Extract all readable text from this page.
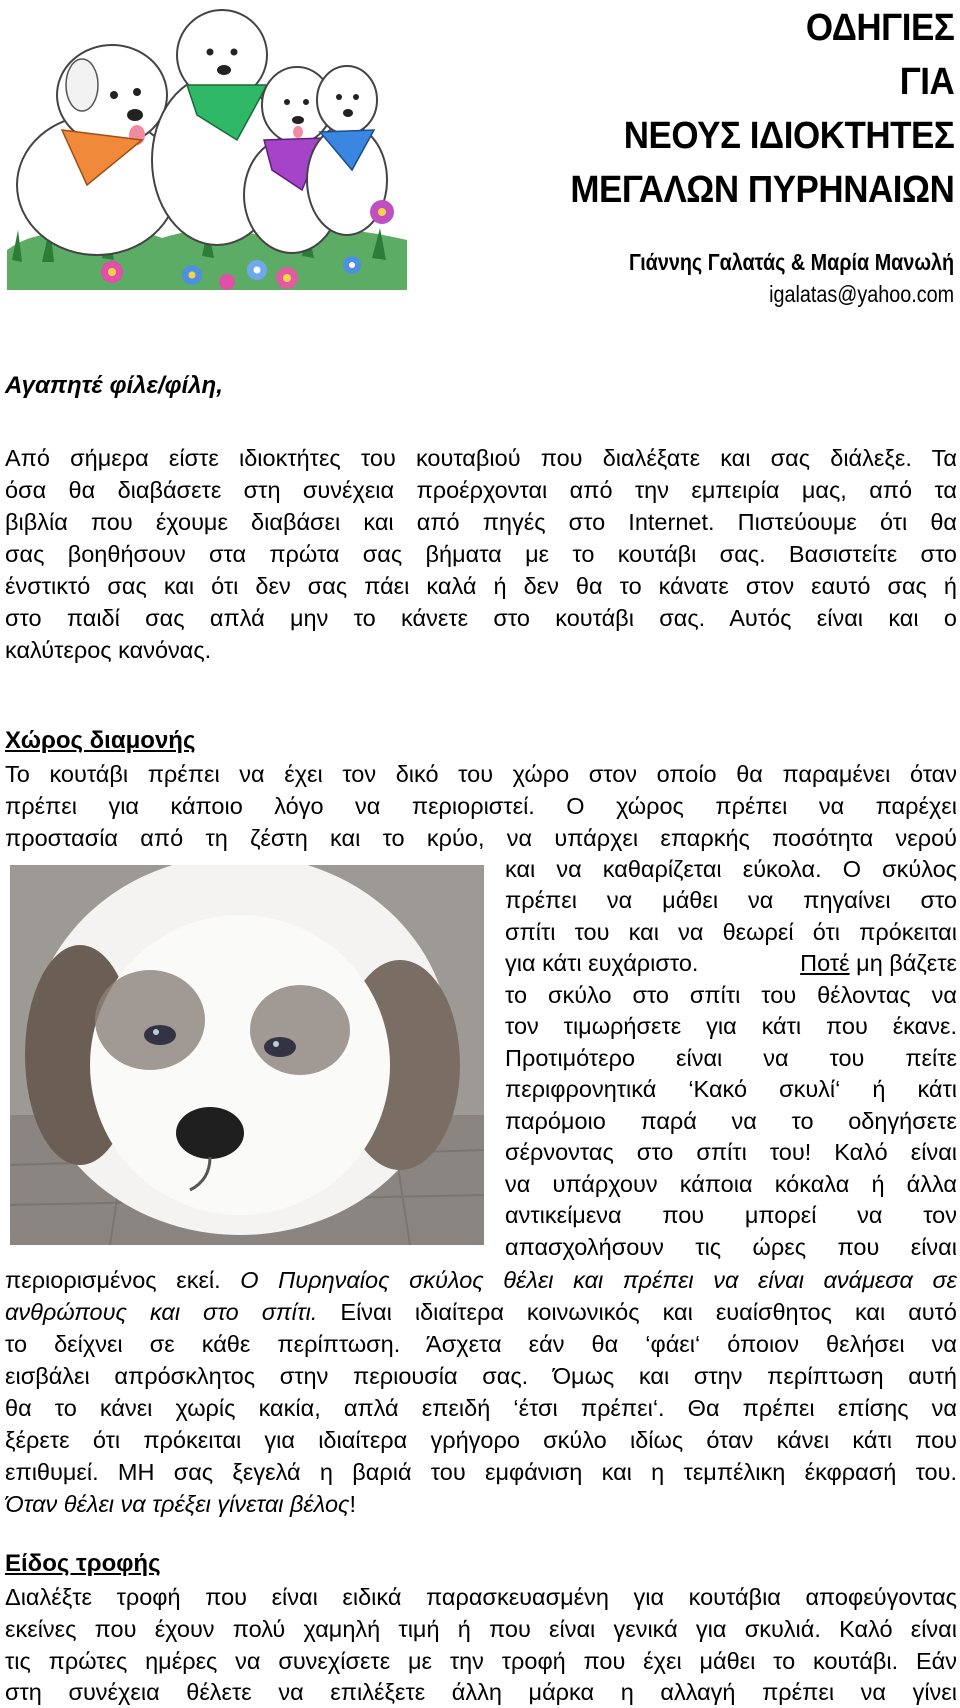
ΟΔΗΓΙΕΣ
ΓΙΑ
ΝΕΟΥΣ ΙΔΙΟΚΤΗΤΕΣ
ΜΕΓΑΛΩΝ ΠΥΡΗΝΑΙΩΝ
Γιάννης Γαλατάς & Μαρία Μανωλή
igalatas@yahoo.com
Αγαπητέ φίλε/φίλη,
Από σήμερα είστε ιδιοκτήτες του κουταβιού που διαλέξατε και σας διάλεξε. Τα
όσα θα διαβάσετε στη συνέχεια προέρχονται από την εμπειρία μας, από τα
βιβλία που έχουμε διαβάσει και από πηγές στο Internet. Πιστεύουμε ότι θα
σας βοηθήσουν στα πρώτα σας βήματα με το κουτάβι σας. Βασιστείτε στο
ένστικτό σας και ότι δεν σας πάει καλά ή δεν θα το κάνατε στον εαυτό σας ή
στο παιδί σας απλά μην το κάνετε στο κουτάβι σας. Αυτός είναι και ο
καλύτερος κανόνας.
Χώρος διαμονής
Το κουτάβι πρέπει να έχει τον δικό του χώρο στον οποίο θα παραμένει όταν
πρέπει για κάποιο λόγο να περιοριστεί. Ο χώρος πρέπει να παρέχει
προστασία από τη ζέστη και το κρύο, να υπάρχει επαρκής ποσότητα νερού
και να καθαρίζεται εύκολα. Ο σκύλος
πρέπει να μάθει να πηγαίνει στο
σπίτι του και να θεωρεί ότι πρόκειται
για κάτι ευχάριστο.	Ποτέ μη βάζετε
το σκύλο στο σπίτι του θέλοντας να
τον τιμωρήσετε για κάτι που έκανε.
Προτιμότερο είναι να του πείτε
περιφρονητικά ‘Κακό σκυλί‘ ή κάτι
παρόμοιο παρά να το οδηγήσετε
σέρνοντας στο σπίτι του! Καλό είναι
να υπάρχουν κάποια κόκαλα ή άλλα
αντικείμενα που μπορεί να τον
απασχολήσουν τις ώρες που είναι
περιορισμένος εκεί. Ο Πυρηναίος σκύλος θέλει και πρέπει να είναι ανάμεσα σε
ανθρώπους και στο σπίτι. Είναι ιδιαίτερα κοινωνικός και ευαίσθητος και αυτό
το δείχνει σε κάθε περίπτωση. Άσχετα εάν θα ‘φάει‘ όποιον θελήσει να
εισβάλει απρόσκλητος στην περιουσία σας. Όμως και στην περίπτωση αυτή
θα το κάνει χωρίς κακία, απλά επειδή ‘έτσι πρέπει‘. Θα πρέπει επίσης να
ξέρετε ότι πρόκειται για ιδιαίτερα γρήγορο σκύλο ιδίως όταν κάνει κάτι που
επιθυμεί. ΜΗ σας ξεγελά η βαριά του εμφάνιση και η τεμπέλικη έκφρασή του.
Όταν θέλει να τρέξει γίνεται βέλος!
Είδος τροφής
Διαλέξτε τροφή που είναι ειδικά παρασκευασμένη για κουτάβια αποφεύγοντας
εκείνες που έχουν πολύ χαμηλή τιμή ή που είναι γενικά για σκυλιά. Καλό είναι
τις πρώτες ημέρες να συνεχίσετε με την τροφή που έχει μάθει το κουτάβι. Εάν
στη συνέχεια θέλετε να επιλέξετε άλλη μάρκα η αλλαγή πρέπει να γίνει
